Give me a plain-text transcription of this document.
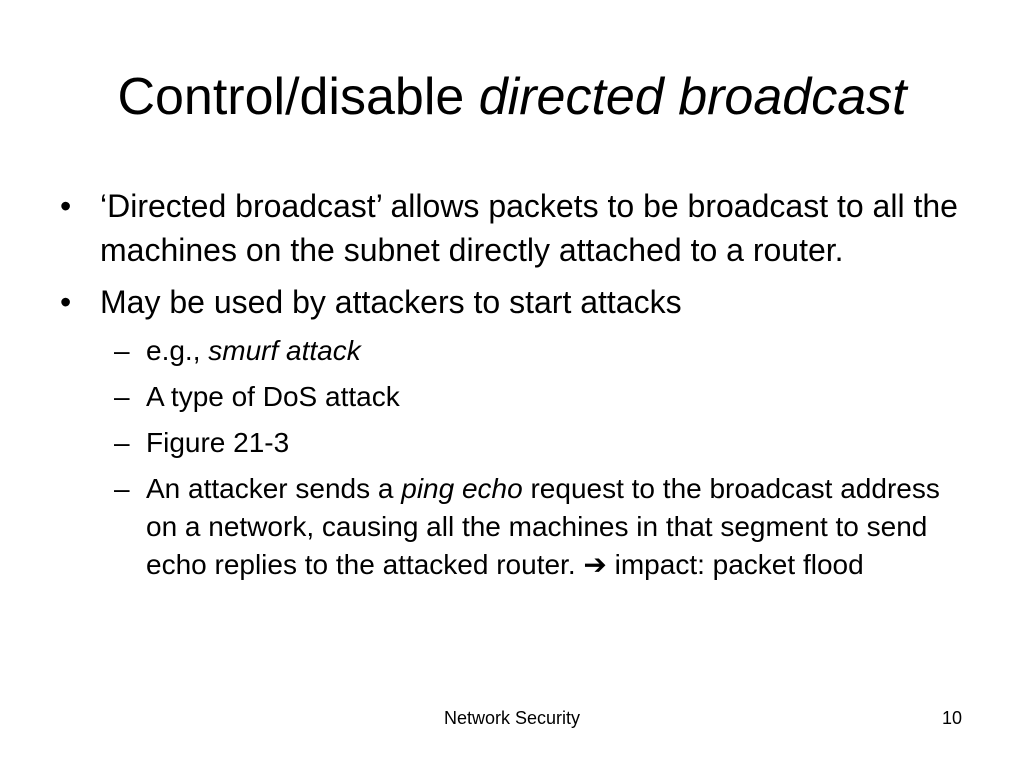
Control/disable directed broadcast
• ‘Directed broadcast’ allows packets to be broadcast to all the machines on the subnet directly attached to a router.
• May be used by attackers to start attacks
– e.g., smurf attack
– A type of DoS attack
– Figure 21-3
– An attacker sends a ping echo request to the broadcast address on a network, causing all the machines in that segment to send echo replies to the attacked router. ➔ impact: packet flood
Network Security	10
